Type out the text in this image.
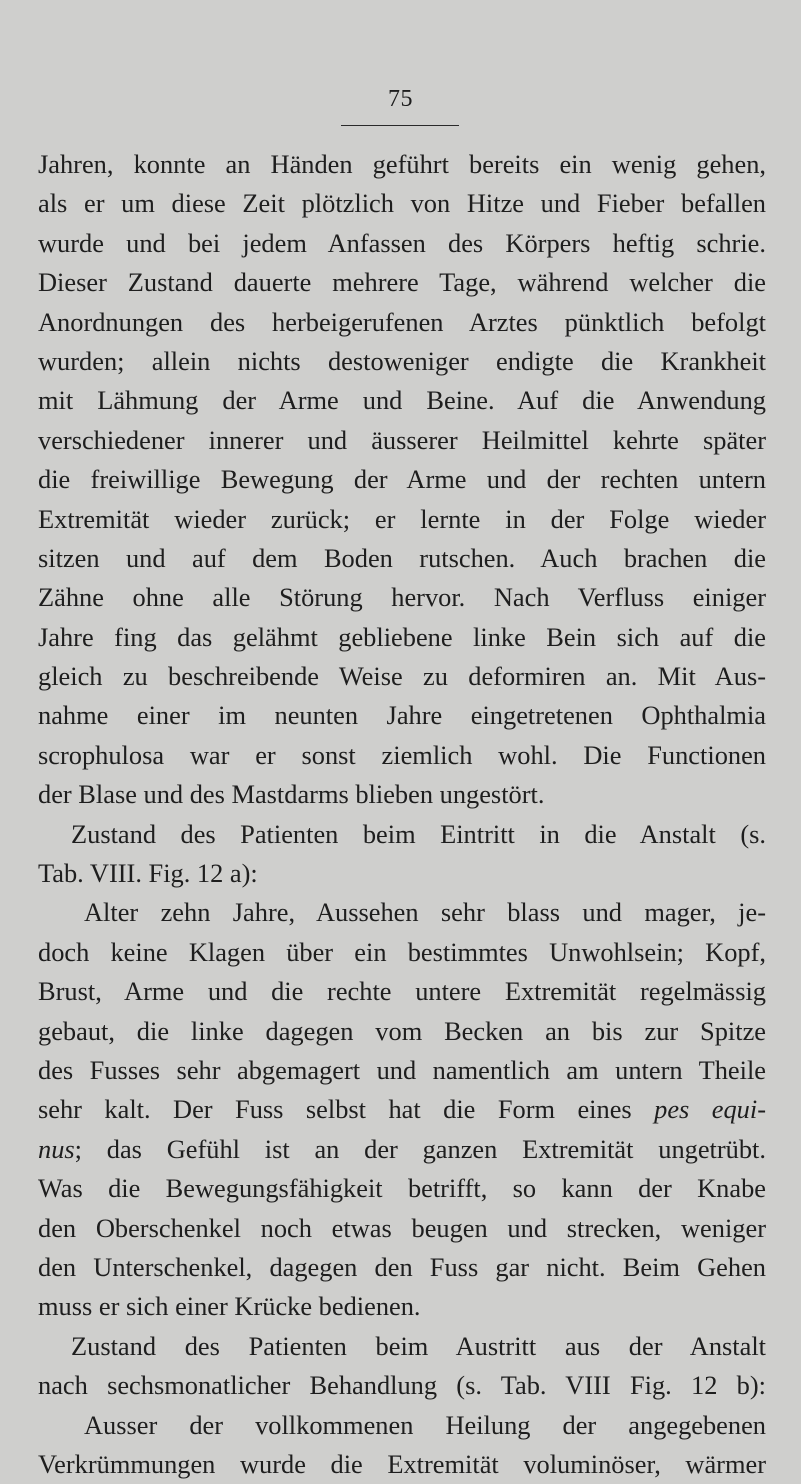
75
Jahren, konnte an Händen geführt bereits ein wenig gehen,
als er um diese Zeit plötzlich von Hitze und Fieber befallen
wurde und bei jedem Anfassen des Körpers heftig schrie.
Dieser Zustand dauerte mehrere Tage, während welcher die
Anordnungen des herbeigerufenen Arztes pünktlich befolgt
wurden; allein nichts destoweniger endigte die Krankheit
mit Lähmung der Arme und Beine. Auf die Anwendung
verschiedener innerer und äusserer Heilmittel kehrte später
die freiwillige Bewegung der Arme und der rechten untern
Extremität wieder zurück; er lernte in der Folge wieder
sitzen und auf dem Boden rutschen. Auch brachen die
Zähne ohne alle Störung hervor. Nach Verfluss einiger
Jahre fing das gelähmt gebliebene linke Bein sich auf die
gleich zu beschreibende Weise zu deformiren an. Mit Aus-
nahme einer im neunten Jahre eingetretenen Ophthalmia
scrophulosa war er sonst ziemlich wohl. Die Functionen
der Blase und des Mastdarms blieben ungestört.
Zustand des Patienten beim Eintritt in die Anstalt (s.
Tab. VIII. Fig. 12 a):
Alter zehn Jahre, Aussehen sehr blass und mager, je-
doch keine Klagen über ein bestimmtes Unwohlsein; Kopf,
Brust, Arme und die rechte untere Extremität regelmässig
gebaut, die linke dagegen vom Becken an bis zur Spitze
des Fusses sehr abgemagert und namentlich am untern Theile
sehr kalt. Der Fuss selbst hat die Form eines pes equi-
nus; das Gefühl ist an der ganzen Extremität ungetrübt.
Was die Bewegungsfähigkeit betrifft, so kann der Knabe
den Oberschenkel noch etwas beugen und strecken, weniger
den Unterschenkel, dagegen den Fuss gar nicht. Beim Gehen
muss er sich einer Krücke bedienen.
Zustand des Patienten beim Austritt aus der Anstalt
nach sechsmonatlicher Behandlung (s. Tab. VIII Fig. 12 b):
Ausser der vollkommenen Heilung der angegebenen
Verkrümmungen wurde die Extremität voluminöser, wärmer
